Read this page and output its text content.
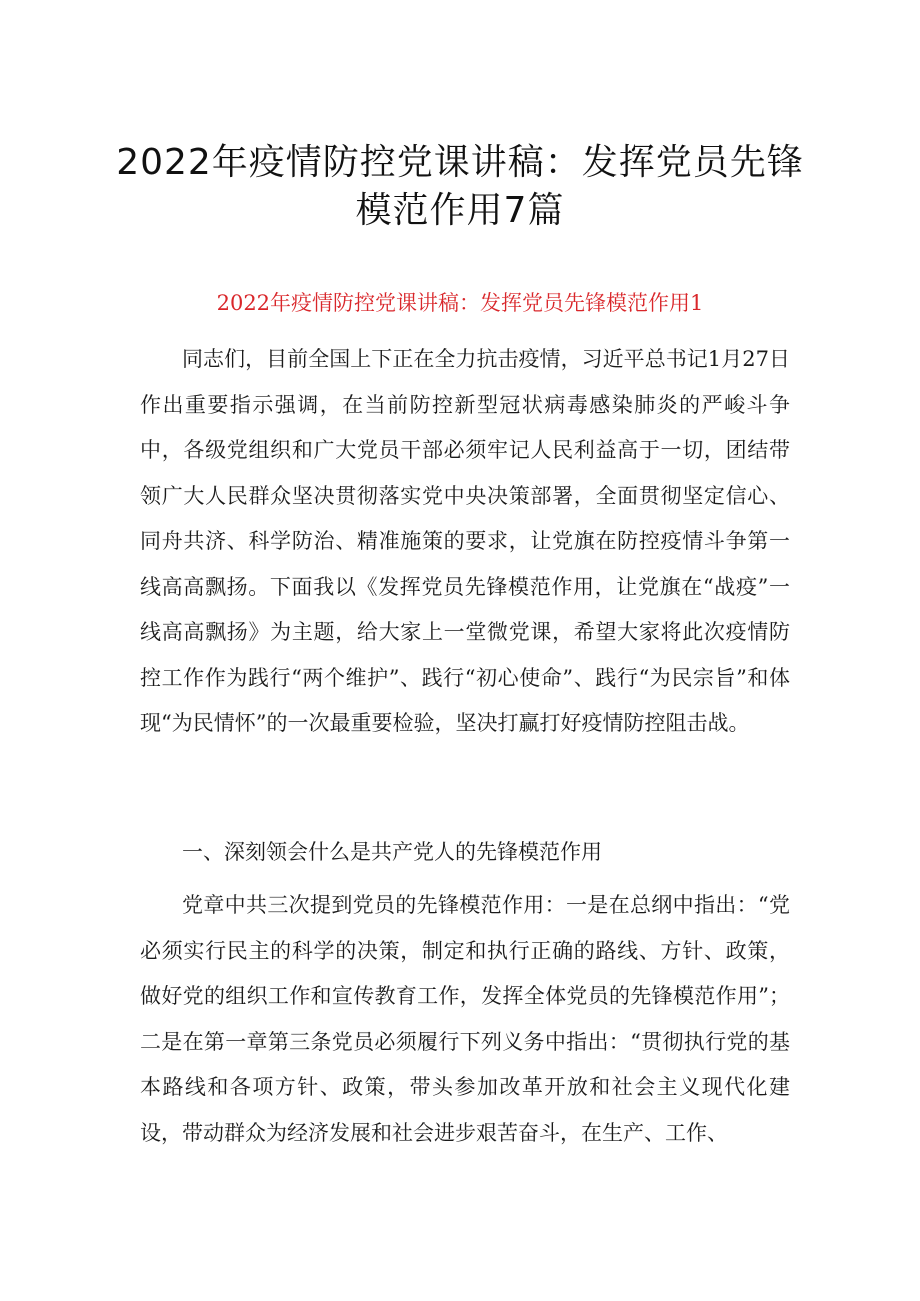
2022年疫情防控党课讲稿：发挥党员先锋
模范作用7篇
2022年疫情防控党课讲稿：发挥党员先锋模范作用1

同志们，目前全国上下正在全力抗击疫情，习近平总书记1月27日作出重要指示强调，在当前防控新型冠状病毒感染肺炎的严峻斗争中，各级党组织和广大党员干部必须牢记人民利益高于一切，团结带领广大人民群众坚决贯彻落实党中央决策部署，全面贯彻坚定信心、同舟共济、科学防治、精准施策的要求，让党旗在防控疫情斗争第一线高高飘扬。下面我以《发挥党员先锋模范作用，让党旗在“战疫”一线高高飘扬》为主题，给大家上一堂微党课，希望大家将此次疫情防控工作作为践行“两个维护”、践行“初心使命”、践行“为民宗旨”和体现“为民情怀”的一次最重要检验，坚决打赢打好疫情防控阻击战。

一、深刻领会什么是共产党人的先锋模范作用

党章中共三次提到党员的先锋模范作用：一是在总纲中指出：“党必须实行民主的科学的决策，制定和执行正确的路线、方针、政策，做好党的组织工作和宣传教育工作，发挥全体党员的先锋模范作用”；二是在第一章第三条党员必须履行下列义务中指出：“贯彻执行党的基本路线和各项方针、政策，带头参加改革开放和社会主义现代化建设，带动群众为经济发展和社会进步艰苦奋斗，在生产、工作、
